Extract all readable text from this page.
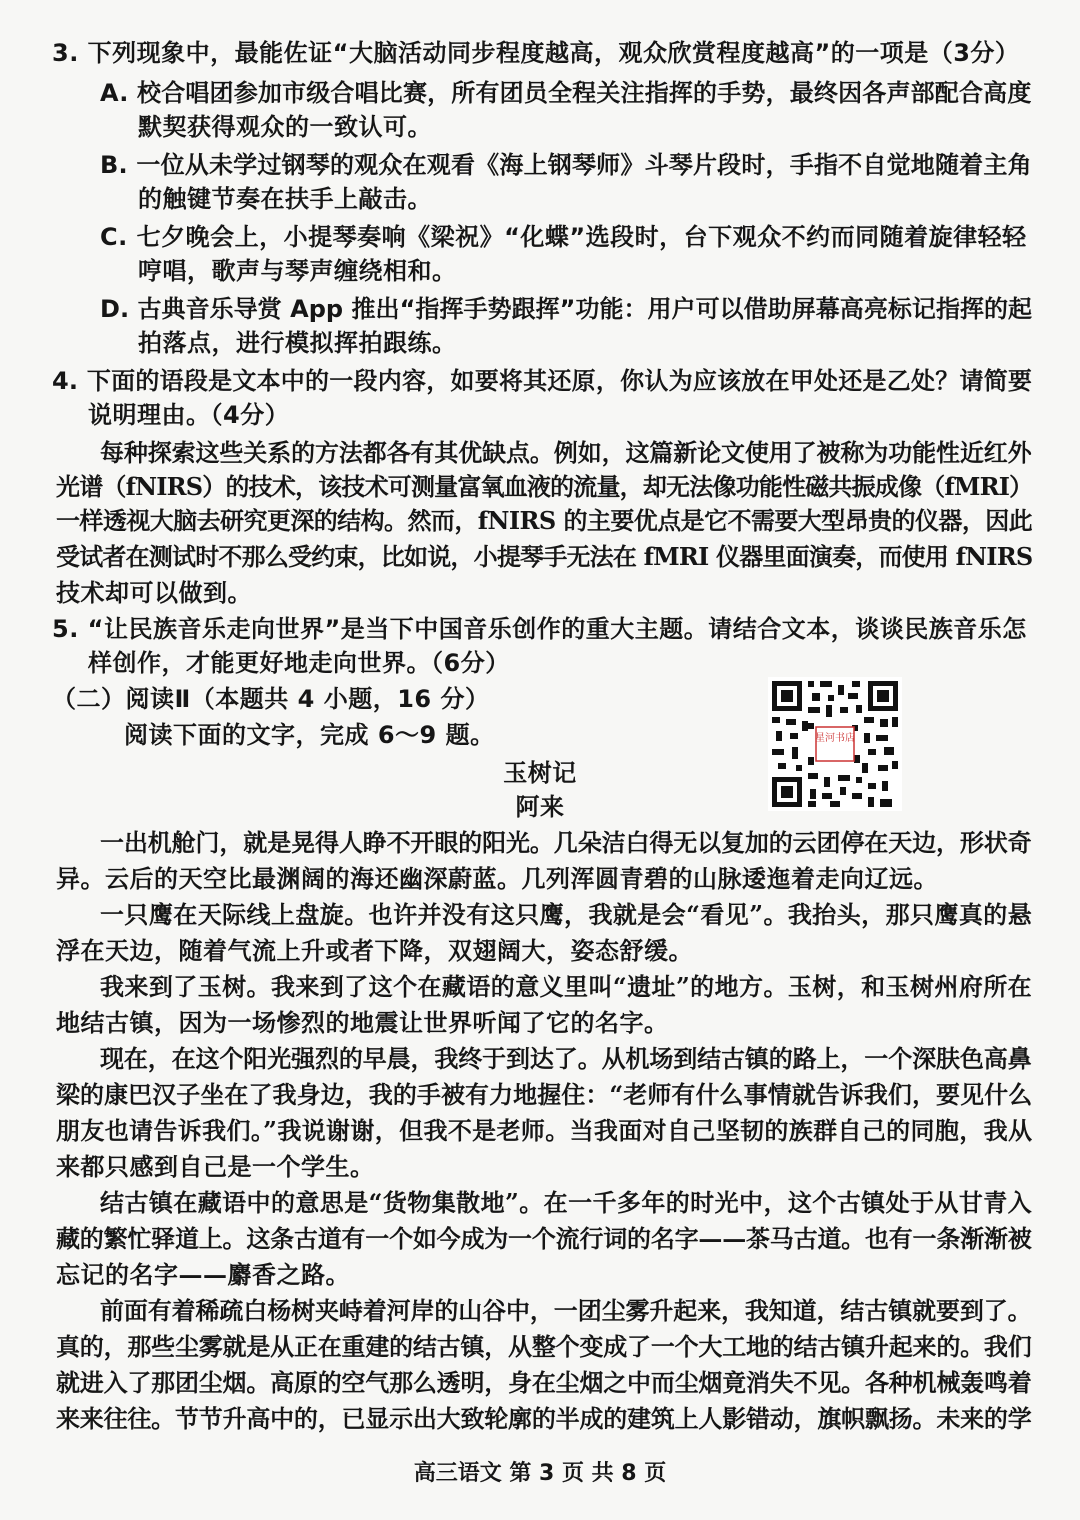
3. 下列现象中，最能佐证“大脑活动同步程度越高，观众欣赏程度越高”的一项是（3分）
A. 校合唱团参加市级合唱比赛，所有团员全程关注指挥的手势，最终因各声部配合高度
默契获得观众的一致认可。
B. 一位从未学过钢琴的观众在观看《海上钢琴师》斗琴片段时，手指不自觉地随着主角
的触键节奏在扶手上敲击。
C. 七夕晚会上，小提琴奏响《梁祝》“化蝶”选段时，台下观众不约而同随着旋律轻轻
哼唱，歌声与琴声缠绕相和。
D. 古典音乐导赏 App 推出“指挥手势跟挥”功能：用户可以借助屏幕高亮标记指挥的起
拍落点，进行模拟挥拍跟练。
4. 下面的语段是文本中的一段内容，如要将其还原，你认为应该放在甲处还是乙处？请简要
说明理由。（4分）
每种探索这些关系的方法都各有其优缺点。例如，这篇新论文使用了被称为功能性近红外
光谱（fNIRS）的技术，该技术可测量富氧血液的流量，却无法像功能性磁共振成像（fMRI）
一样透视大脑去研究更深的结构。然而，fNIRS 的主要优点是它不需要大型昂贵的仪器，因此
受试者在测试时不那么受约束，比如说，小提琴手无法在 fMRI 仪器里面演奏，而使用 fNIRS
技术却可以做到。
5. “让民族音乐走向世界”是当下中国音乐创作的重大主题。请结合文本，谈谈民族音乐怎
样创作，才能更好地走向世界。（6分）
（二）阅读Ⅱ（本题共 4 小题，16 分）
阅读下面的文字，完成 6～9 题。	星河书店
玉树记
阿来
一出机舱门，就是晃得人睁不开眼的阳光。几朵洁白得无以复加的云团停在天边，形状奇
异。云后的天空比最渊阔的海还幽深蔚蓝。几列浑圆青碧的山脉逶迤着走向辽远。
一只鹰在天际线上盘旋。也许并没有这只鹰，我就是会“看见”。我抬头，那只鹰真的悬
浮在天边，随着气流上升或者下降，双翅阔大，姿态舒缓。
我来到了玉树。我来到了这个在藏语的意义里叫“遗址”的地方。玉树，和玉树州府所在
地结古镇，因为一场惨烈的地震让世界听闻了它的名字。
现在，在这个阳光强烈的早晨，我终于到达了。从机场到结古镇的路上，一个深肤色高鼻
梁的康巴汉子坐在了我身边，我的手被有力地握住：“老师有什么事情就告诉我们，要见什么
朋友也请告诉我们。”我说谢谢，但我不是老师。当我面对自己坚韧的族群自己的同胞，我从
来都只感到自己是一个学生。
结古镇在藏语中的意思是“货物集散地”。在一千多年的时光中，这个古镇处于从甘青入
藏的繁忙驿道上。这条古道有一个如今成为一个流行词的名字——茶马古道。也有一条渐渐被
忘记的名字——麝香之路。
前面有着稀疏白杨树夹峙着河岸的山谷中，一团尘雾升起来，我知道，结古镇就要到了。
真的，那些尘雾就是从正在重建的结古镇，从整个变成了一个大工地的结古镇升起来的。我们
就进入了那团尘烟。高原的空气那么透明，身在尘烟之中而尘烟竟消失不见。各种机械轰鸣着
来来往往。节节升高中的，已显示出大致轮廓的半成的建筑上人影错动，旗帜飘扬。未来的学
高三语文 第 3 页 共 8 页
